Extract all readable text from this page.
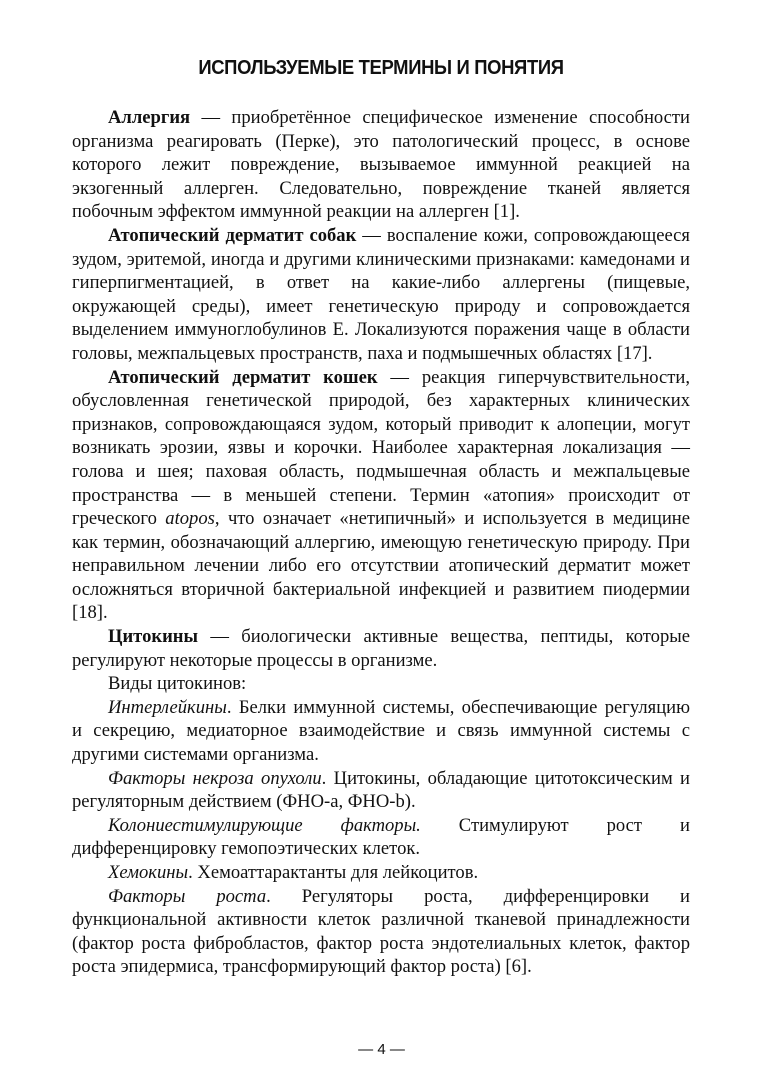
ИСПОЛЬЗУЕМЫЕ ТЕРМИНЫ И ПОНЯТИЯ

Аллергия — приобретённое специфическое изменение способности организма реагировать (Перке), это патологический процесс, в основе которого лежит повреждение, вызываемое иммунной реакцией на экзогенный аллерген. Следовательно, повреждение тканей является побочным эффектом иммунной реакции на аллерген [1].

Атопический дерматит собак — воспаление кожи, сопровождающееся зудом, эритемой, иногда и другими клиническими признаками: камедонами и гиперпигментацией, в ответ на какие-либо аллергены (пищевые, окружающей среды), имеет генетическую природу и сопровождается выделением иммуноглобулинов Е. Локализуются поражения чаще в области головы, межпальцевых пространств, паха и подмышечных областях [17].

Атопический дерматит кошек — реакция гиперчувствительности, обусловленная генетической природой, без характерных клинических признаков, сопровождающаяся зудом, который приводит к алопеции, могут возникать эрозии, язвы и корочки. Наиболее характерная локализация — голова и шея; паховая область, подмышечная область и межпальцевые пространства — в меньшей степени. Термин «атопия» происходит от греческого atopos, что означает «нетипичный» и используется в медицине как термин, обозначающий аллергию, имеющую генетическую природу. При неправильном лечении либо его отсутствии атопический дерматит может осложняться вторичной бактериальной инфекцией и развитием пиодермии [18].

Цитокины — биологически активные вещества, пептиды, которые регулируют некоторые процессы в организме.

Виды цитокинов:

Интерлейкины. Белки иммунной системы, обеспечивающие регуляцию и секрецию, медиаторное взаимодействие и связь иммунной системы с другими системами организма.

Факторы некроза опухоли. Цитокины, обладающие цитотоксическим и регуляторным действием (ФНО-а, ФНО-b).

Колониестимулирующие факторы. Стимулируют рост и дифференцировку гемопоэтических клеток.

Хемокины. Хемоаттарактанты для лейкоцитов.

Факторы роста. Регуляторы роста, дифференцировки и функциональной активности клеток различной тканевой принадлежности (фактор роста фибробластов, фактор роста эндотелиальных клеток, фактор роста эпидермиса, трансформирующий фактор роста) [6].

— 4 —
